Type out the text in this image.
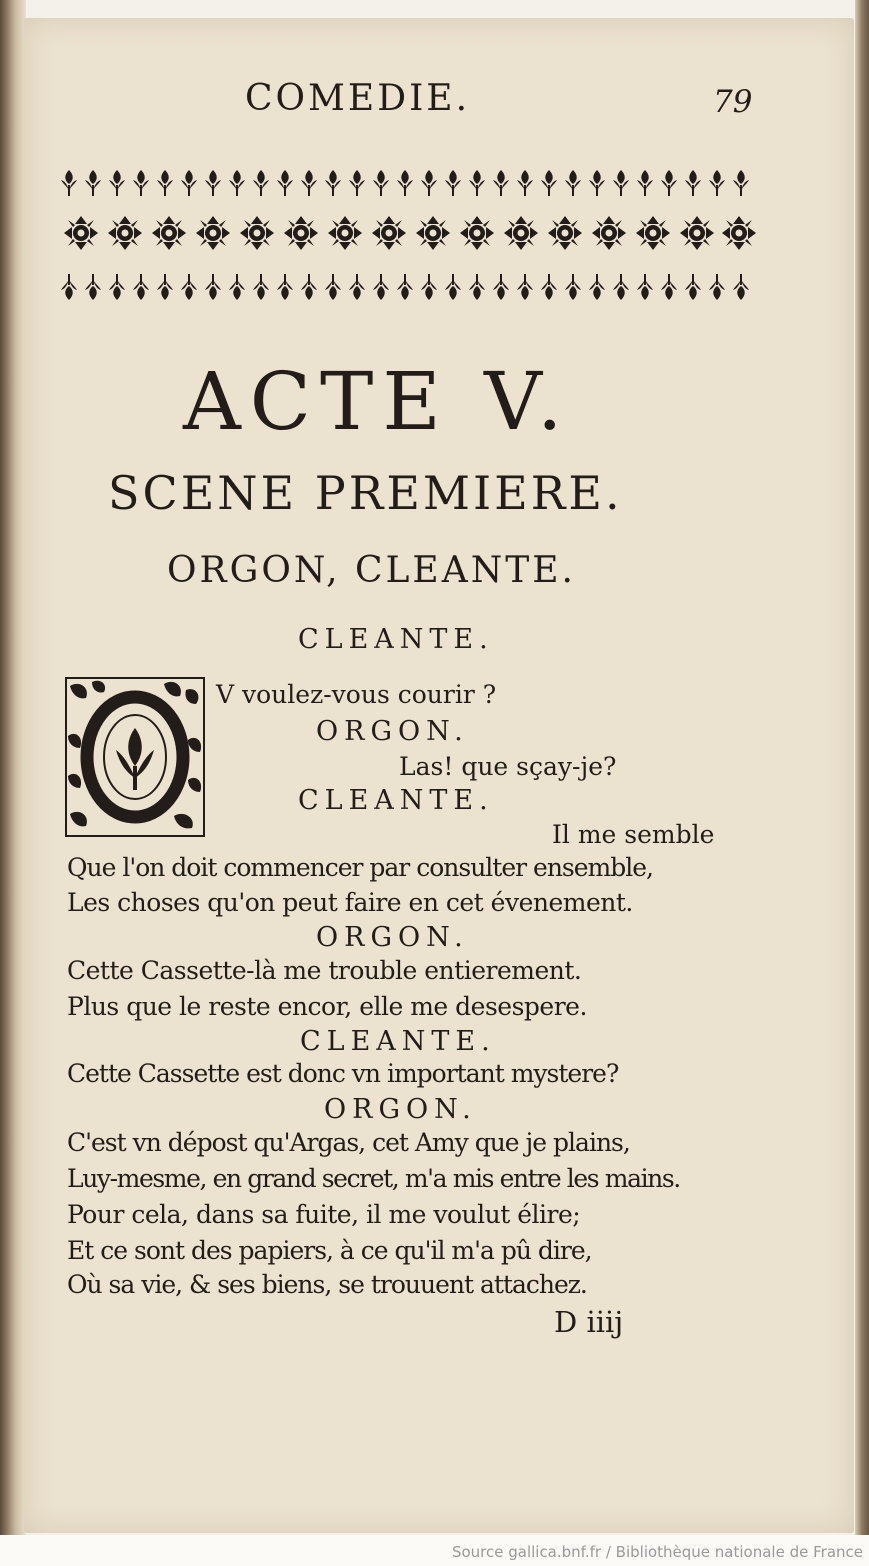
COMEDIE.	79
ACTE V.
SCENE PREMIERE.
ORGON, CLEANTE.
CLEANTE.
V voulez-vous courir ?
ORGON.
Las! que sçay-je?
CLEANTE.
Il me semble
Que l'on doit commencer par consulter ensemble,
Les choses qu'on peut faire en cet évenement.
ORGON.
Cette Cassette-là me trouble entierement.
Plus que le reste encor, elle me desespere.
CLEANTE.
Cette Cassette est donc vn important mystere?
ORGON.
C'est vn dépost qu'Argas, cet Amy que je plains,
Luy-mesme, en grand secret, m'a mis entre les mains.
Pour cela, dans sa fuite, il me voulut élire;
Et ce sont des papiers, à ce qu'il m'a pû dire,
Où sa vie, & ses biens, se trouuent attachez.
D iiij
Source gallica.bnf.fr / Bibliothèque nationale de France
